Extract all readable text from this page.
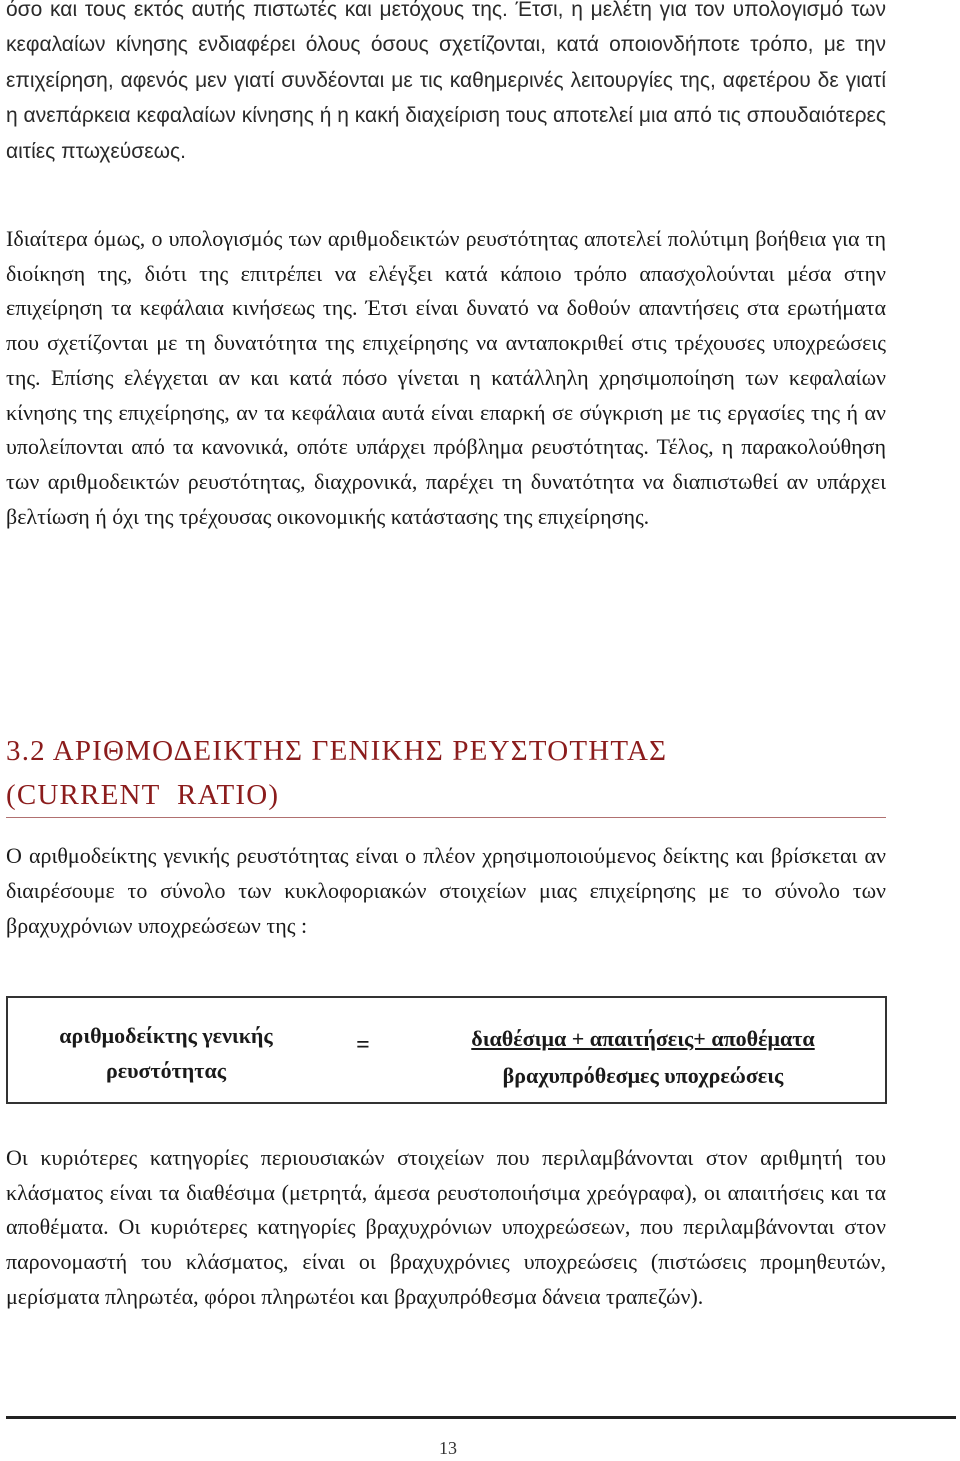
όσο και τους εκτός αυτής πιστωτές και μετόχους της. Έτσι, η μελέτη για τον υπολογισμό των κεφαλαίων κίνησης ενδιαφέρει όλους όσους σχετίζονται, κατά οποιονδήποτε τρόπο, με την επιχείρηση, αφενός μεν γιατί συνδέονται με τις καθημερινές λειτουργίες της, αφετέρου δε γιατί η ανεπάρκεια κεφαλαίων κίνησης ή η κακή διαχείριση τους αποτελεί μια από τις σπουδαιότερες αιτίες πτωχεύσεως.

Ιδιαίτερα όμως, ο υπολογισμός των αριθμοδεικτών ρευστότητας αποτελεί πολύτιμη βοήθεια για τη διοίκηση της, διότι της επιτρέπει να ελέγξει κατά κάποιο τρόπο απασχολούνται μέσα στην επιχείρηση τα κεφάλαια κινήσεως της. Έτσι είναι δυνατό να δοθούν απαντήσεις στα ερωτήματα που σχετίζονται με τη δυνατότητα της επιχείρησης να ανταποκριθεί στις τρέχουσες υποχρεώσεις της. Επίσης ελέγχεται αν και κατά πόσο γίνεται η κατάλληλη χρησιμοποίηση των κεφαλαίων κίνησης της επιχείρησης, αν τα κεφάλαια αυτά είναι επαρκή σε σύγκριση με τις εργασίες της ή αν υπολείπονται από τα κανονικά, οπότε υπάρχει πρόβλημα ρευστότητας. Τέλος, η παρακολούθηση των αριθμοδεικτών ρευστότητας, διαχρονικά, παρέχει τη δυνατότητα να διαπιστωθεί αν υπάρχει βελτίωση ή όχι της τρέχουσας οικονομικής κατάστασης της επιχείρησης.

3.2 ΑΡΙΘΜΟΔΕΙΚΤΗΣ ΓΕΝΙΚΗΣ ΡΕΥΣΤΟΤΗΤΑΣ
(CURRENT  RATIO)

Ο αριθμοδείκτης γενικής ρευστότητας είναι ο πλέον χρησιμοποιούμενος δείκτης και βρίσκεται αν διαιρέσουμε το σύνολο των κυκλοφοριακών στοιχείων μιας επιχείρησης με το σύνολο των βραχυχρόνιων υποχρεώσεων της :

αριθμοδείκτης γενικής
ρευστότητας
=	διαθέσιμα + απαιτήσεις+ αποθέματα
βραχυπρόθεσμες υποχρεώσεις

Οι κυριότερες κατηγορίες περιουσιακών στοιχείων που περιλαμβάνονται στον αριθμητή του κλάσματος είναι τα διαθέσιμα (μετρητά, άμεσα ρευστοποιήσιμα χρεόγραφα), οι απαιτήσεις και τα αποθέματα. Οι κυριότερες κατηγορίες βραχυχρόνιων υποχρεώσεων, που περιλαμβάνονται στον παρονομαστή του κλάσματος, είναι οι βραχυχρόνιες υποχρεώσεις (πιστώσεις προμηθευτών, μερίσματα πληρωτέα, φόροι πληρωτέοι και βραχυπρόθεσμα δάνεια τραπεζών).

13
